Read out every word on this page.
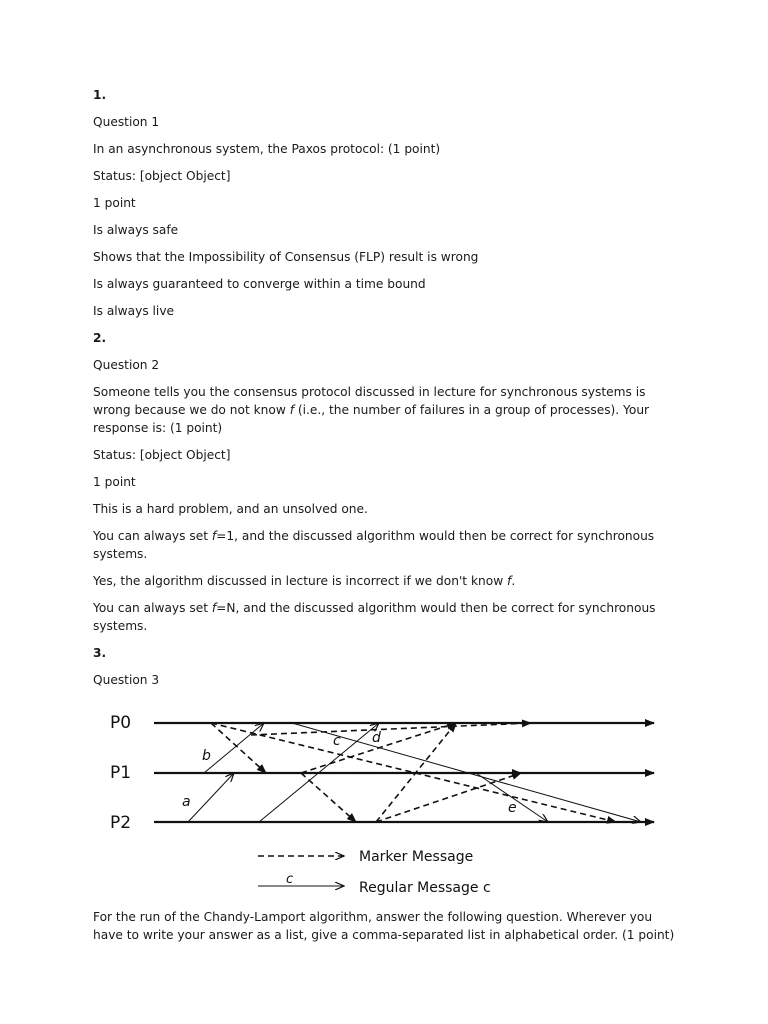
1.

Question 1

In an asynchronous system, the Paxos protocol: (1 point)

Status: [object Object]

1 point

Is always safe

Shows that the Impossibility of Consensus (FLP) result is wrong

Is always guaranteed to converge within a time bound

Is always live

2.

Question 2

Someone tells you the consensus protocol discussed in lecture for synchronous systems is wrong because we do not know f (i.e., the number of failures in a group of processes). Your response is: (1 point)

Status: [object Object]

1 point

This is a hard problem, and an unsolved one.

You can always set f=1, and the discussed algorithm would then be correct for synchronous systems.

Yes, the algorithm discussed in lecture is incorrect if we don't know f.

You can always set f=N, and the discussed algorithm would then be correct for synchronous systems.

3.

Question 3

P0
P1
P2
a
b
c d
e
Marker Message
c
Regular Message c

For the run of the Chandy-Lamport algorithm, answer the following question. Wherever you have to write your answer as a list, give a comma-separated list in alphabetical order. (1 point)
